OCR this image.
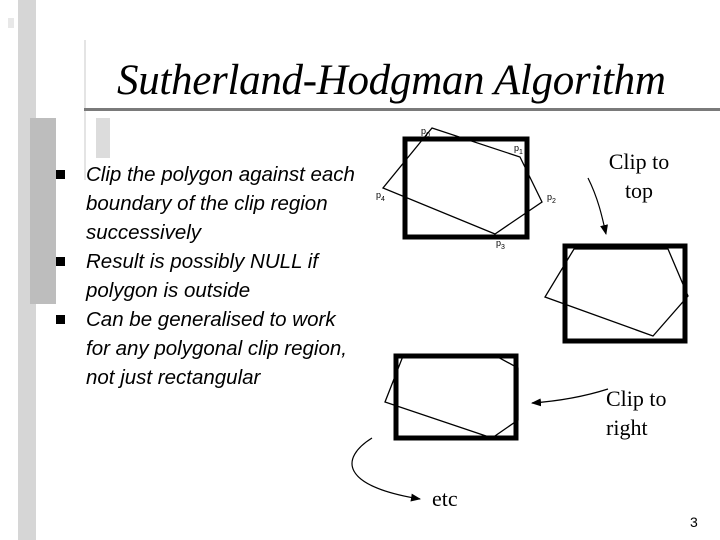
Sutherland-Hodgman Algorithm
Clip the polygon against each boundary of the clip region successively
Result is possibly NULL if polygon is outside
Can be generalised to work for any polygonal clip region, not just rectangular
$p_0$
$p_1$
$p_2$
$p_3$
$p_4$
Clip to top
Clip to right
etc
3
